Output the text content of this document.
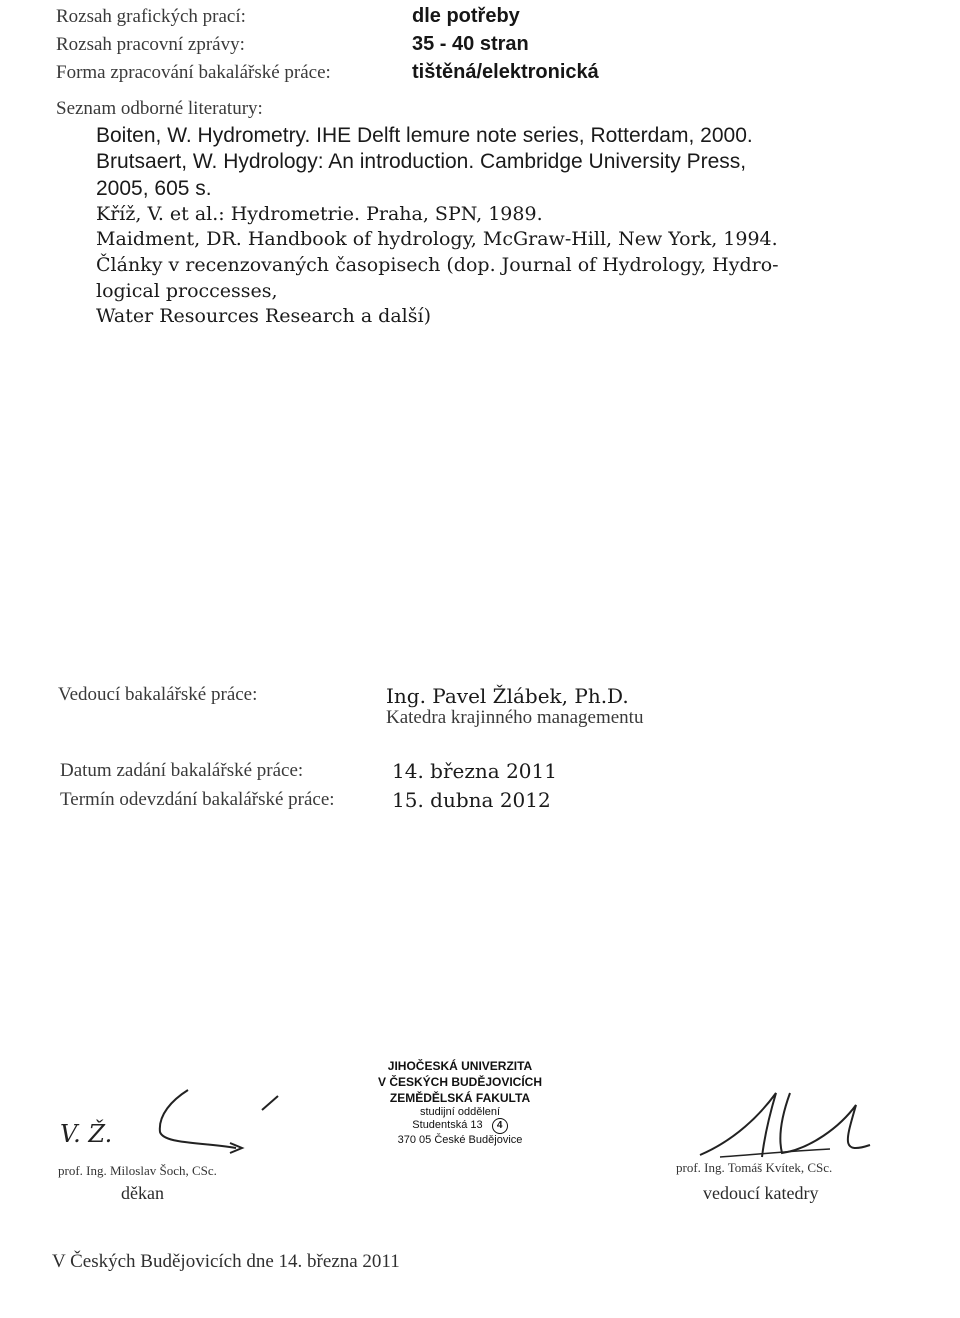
Rozsah grafických prací:	dle potřeby
Rozsah pracovní zprávy:	35 - 40 stran
Forma zpracování bakalářské práce:	tištěná/elektronická
Seznam odborné literatury:
Boiten, W. Hydrometry. IHE Delft lemure note series, Rotterdam, 2000.
Brutsaert, W. Hydrology: An introduction. Cambridge University Press,
2005, 605 s.
Kříž, V. et al.: Hydrometrie. Praha, SPN, 1989.
Maidment, DR. Handbook of hydrology, McGraw-Hill, New York, 1994.
Články v recenzovaných časopisech (dop. Journal of Hydrology, Hydro-
logical proccesses,
Water Resources Research a další)
Vedoucí bakalářské práce:	Ing. Pavel Žlábek, Ph.D.
Katedra krajinného managementu
Datum zadání bakalářské práce:	14. března 2011
Termín odevzdání bakalářské práce:	15. dubna 2012
V. Ž.
prof. Ing. Miloslav Šoch, CSc.
děkan
JIHOČESKÁ UNIVERZITA
V ČESKÝCH BUDĚJOVICÍCH
ZEMĚDĚLSKÁ FAKULTA
studijní oddělení
Studentská 13 4
370 05 České Budějovice
prof. Ing. Tomáš Kvítek, CSc.
vedoucí katedry
V Českých Budějovicích dne 14. března 2011
